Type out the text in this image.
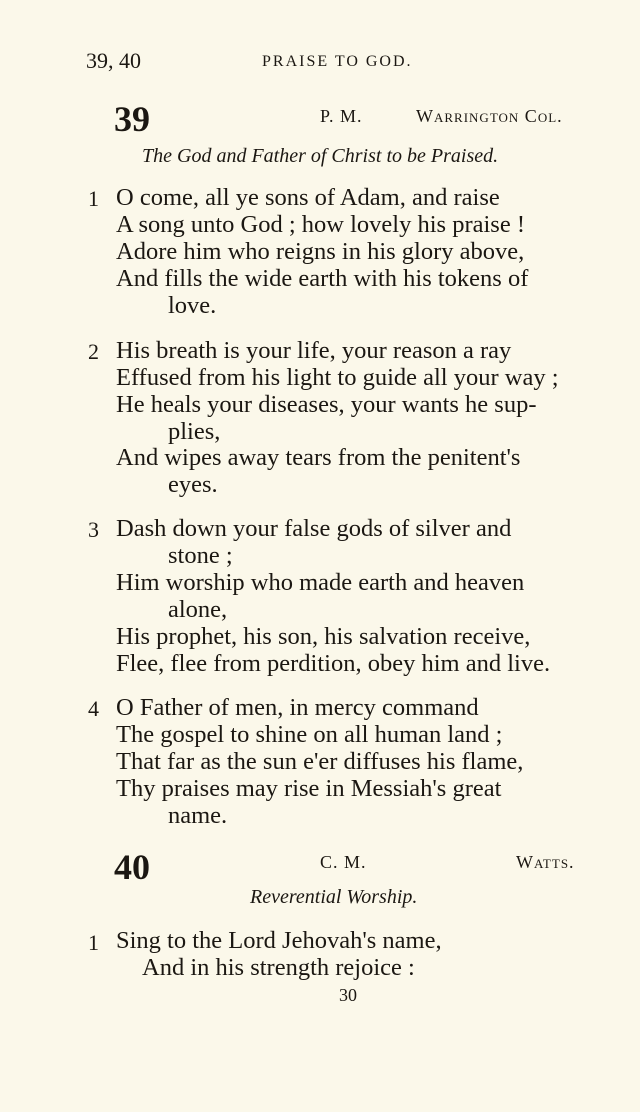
39, 40	PRAISE TO GOD.
39	P. M.	Warrington Col.
The God and Father of Christ to be Praised.
1 O come, all ye sons of Adam, and raise
A song unto God ; how lovely his praise !
Adore him who reigns in his glory above,
And fills the wide earth with his tokens of
love.
2 His breath is your life, your reason a ray
Effused from his light to guide all your way ;
He heals your diseases, your wants he sup-
plies,
And wipes away tears from the penitent's
eyes.
3 Dash down your false gods of silver and
stone ;
Him worship who made earth and heaven
alone,
His prophet, his son, his salvation receive,
Flee, flee from perdition, obey him and live.
4 O Father of men, in mercy command
The gospel to shine on all human land ;
That far as the sun e'er diffuses his flame,
Thy praises may rise in Messiah's great
name.
40	C. M.	Watts.
Reverential Worship.
1 Sing to the Lord Jehovah's name,
And in his strength rejoice :
30
